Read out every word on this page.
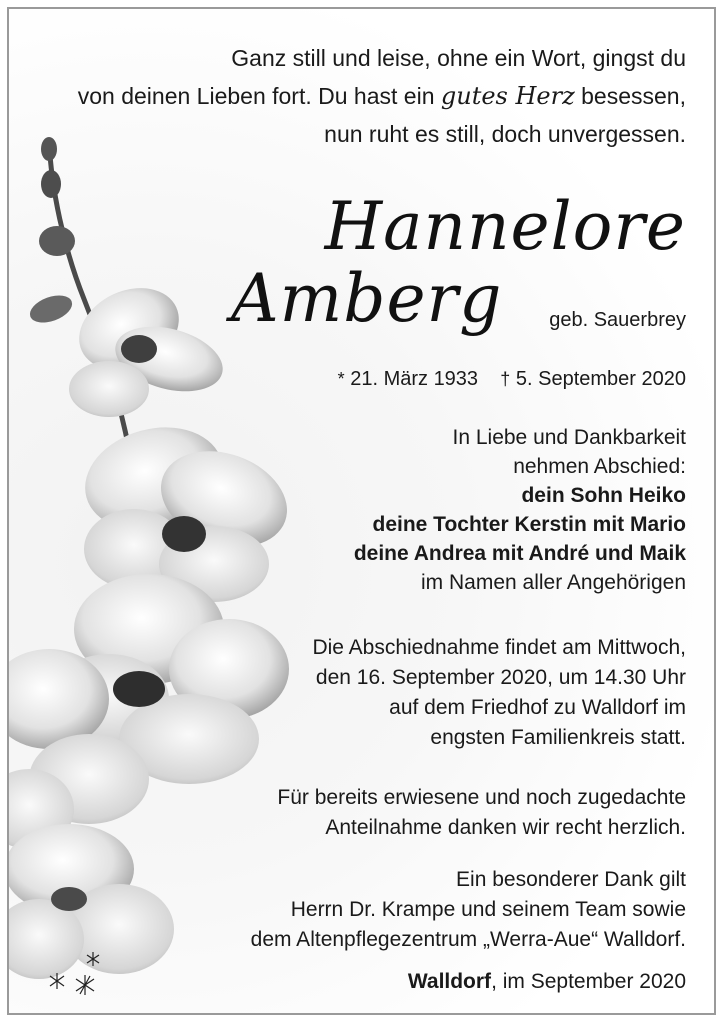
Ganz still und leise, ohne ein Wort, gingst du
von deinen Lieben fort. Du hast ein gutes Herz besessen,
nun ruht es still, doch unvergessen.
Hannelore
Amberg geb. Sauerbrey
* 21. März 1933 † 5. September 2020
In Liebe und Dankbarkeit
nehmen Abschied:
dein Sohn Heiko
deine Tochter Kerstin mit Mario
deine Andrea mit André und Maik
im Namen aller Angehörigen
Die Abschiednahme findet am Mittwoch,
den 16. September 2020, um 14.30 Uhr
auf dem Friedhof zu Walldorf im
engsten Familienkreis statt.
Für bereits erwiesene und noch zugedachte
Anteilnahme danken wir recht herzlich.
Ein besonderer Dank gilt
Herrn Dr. Krampe und seinem Team sowie
dem Altenpflegezentrum „Werra-Aue“ Walldorf.
Walldorf, im September 2020
